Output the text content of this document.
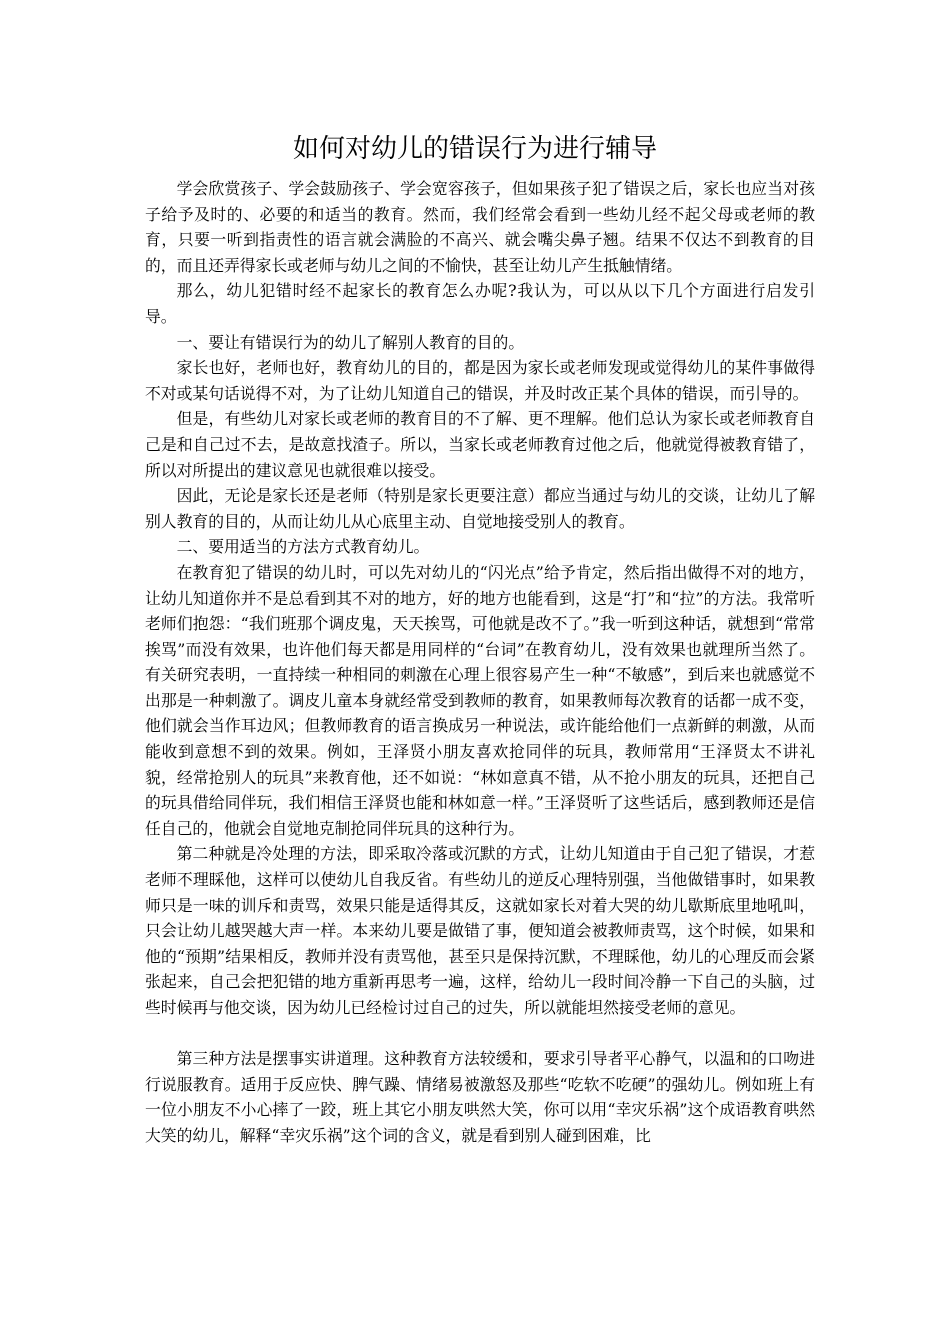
如何对幼儿的错误行为进行辅导

学会欣赏孩子、学会鼓励孩子、学会宽容孩子，但如果孩子犯了错误之后，家长也应当对孩子给予及时的、必要的和适当的教育。然而，我们经常会看到一些幼儿经不起父母或老师的教育，只要一听到指责性的语言就会满脸的不高兴、就会嘴尖鼻子翘。结果不仅达不到教育的目的，而且还弄得家长或老师与幼儿之间的不愉快，甚至让幼儿产生抵触情绪。

那么，幼儿犯错时经不起家长的教育怎么办呢?我认为，可以从以下几个方面进行启发引导。

一、要让有错误行为的幼儿了解别人教育的目的。

家长也好，老师也好，教育幼儿的目的，都是因为家长或老师发现或觉得幼儿的某件事做得不对或某句话说得不对，为了让幼儿知道自己的错误，并及时改正某个具体的错误，而引导的。

但是，有些幼儿对家长或老师的教育目的不了解、更不理解。他们总认为家长或老师教育自己是和自己过不去，是故意找渣子。所以，当家长或老师教育过他之后，他就觉得被教育错了，所以对所提出的建议意见也就很难以接受。

因此，无论是家长还是老师（特别是家长更要注意）都应当通过与幼儿的交谈，让幼儿了解别人教育的目的，从而让幼儿从心底里主动、自觉地接受别人的教育。

二、要用适当的方法方式教育幼儿。

在教育犯了错误的幼儿时，可以先对幼儿的“闪光点”给予肯定，然后指出做得不对的地方，让幼儿知道你并不是总看到其不对的地方，好的地方也能看到，这是“打”和“拉”的方法。我常听老师们抱怨：“我们班那个调皮鬼，天天挨骂，可他就是改不了。”我一听到这种话，就想到“常常挨骂”而没有效果，也许他们每天都是用同样的“台词”在教育幼儿，没有效果也就理所当然了。有关研究表明，一直持续一种相同的刺激在心理上很容易产生一种“不敏感”，到后来也就感觉不出那是一种刺激了。调皮儿童本身就经常受到教师的教育，如果教师每次教育的话都一成不变，他们就会当作耳边风；但教师教育的语言换成另一种说法，或许能给他们一点新鲜的刺激，从而能收到意想不到的效果。例如，王泽贤小朋友喜欢抢同伴的玩具，教师常用“王泽贤太不讲礼貌，经常抢别人的玩具”来教育他，还不如说：“林如意真不错，从不抢小朋友的玩具，还把自己的玩具借给同伴玩，我们相信王泽贤也能和林如意一样。”王泽贤听了这些话后，感到教师还是信任自己的，他就会自觉地克制抢同伴玩具的这种行为。

第二种就是冷处理的方法，即采取冷落或沉默的方式，让幼儿知道由于自己犯了错误，才惹老师不理睬他，这样可以使幼儿自我反省。有些幼儿的逆反心理特别强，当他做错事时，如果教师只是一味的训斥和责骂，效果只能是适得其反，这就如家长对着大哭的幼儿歇斯底里地吼叫，只会让幼儿越哭越大声一样。本来幼儿要是做错了事，便知道会被教师责骂，这个时候，如果和他的“预期”结果相反，教师并没有责骂他，甚至只是保持沉默，不理睬他，幼儿的心理反而会紧张起来，自己会把犯错的地方重新再思考一遍，这样，给幼儿一段时间冷静一下自己的头脑，过些时候再与他交谈，因为幼儿已经检讨过自己的过失，所以就能坦然接受老师的意见。

第三种方法是摆事实讲道理。这种教育方法较缓和，要求引导者平心静气，以温和的口吻进行说服教育。适用于反应快、脾气躁、情绪易被激怒及那些“吃软不吃硬”的强幼儿。例如班上有一位小朋友不小心摔了一跤，班上其它小朋友哄然大笑，你可以用“幸灾乐祸”这个成语教育哄然大笑的幼儿，解释“幸灾乐祸”这个词的含义，就是看到别人碰到困难，比
